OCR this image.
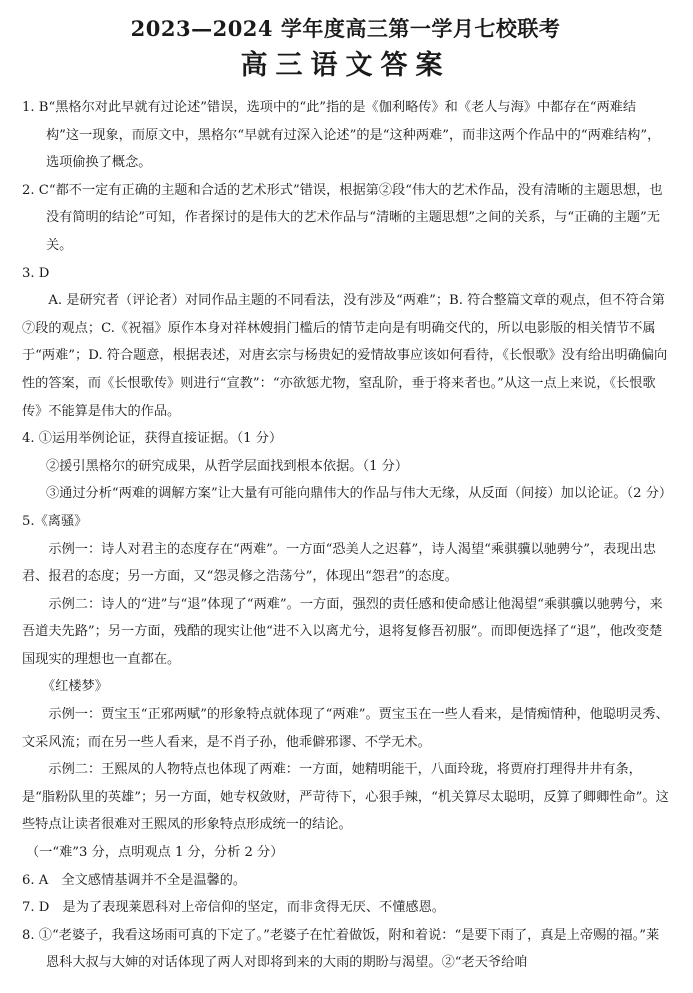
2023—2024 学年度高三第一学月七校联考
高三语文答案

1. B“黑格尔对此早就有过论述”错误，选项中的“此”指的是《伽利略传》和《老人与海》中都存在“两难结构”这一现象，而原文中，黑格尔“早就有过深入论述”的是“这种两难”，而非这两个作品中的“两难结构”，选项偷换了概念。

2. C“都不一定有正确的主题和合适的艺术形式”错误，根据第②段“伟大的艺术作品，没有清晰的主题思想，也没有简明的结论”可知，作者探讨的是伟大的艺术作品与“清晰的主题思想”之间的关系，与“正确的主题”无关。

3. D

A. 是研究者（评论者）对同作品主题的不同看法，没有涉及“两难”；B. 符合整篇文章的观点，但不符合第⑦段的观点；C.《祝福》原作本身对祥林嫂捐门槛后的情节走向是有明确交代的，所以电影版的相关情节不属于“两难”；D. 符合题意，根据表述，对唐玄宗与杨贵妃的爱情故事应该如何看待，《长恨歌》没有给出明确偏向性的答案，而《长恨歌传》则进行“宣教”：“亦欲惩尤物，窒乱阶，垂于将来者也。”从这一点上来说，《长恨歌传》不能算是伟大的作品。

4. ①运用举例论证，获得直接证据。（1 分）

②援引黑格尔的研究成果，从哲学层面找到根本依据。（1 分）

③通过分析“两难的调解方案”让大量有可能向鼎伟大的作品与伟大无缘，从反面（间接）加以论证。（2 分）

5.《离骚》

示例一：诗人对君主的态度存在“两难”。一方面“恐美人之迟暮”，诗人渴望“乘骐骥以驰骋兮”，表现出忠君、报君的态度；另一方面，又“怨灵修之浩荡兮”，体现出“怨君”的态度。

示例二：诗人的“进”与“退”体现了“两难”。一方面，强烈的责任感和使命感让他渴望“乘骐骥以驰骋兮，来吾道夫先路”；另一方面，残酷的现实让他“进不入以离尤兮，退将复修吾初服”。而即便选择了“退”，他改变楚国现实的理想也一直都在。

《红楼梦》

示例一：贾宝玉“正邪两赋”的形象特点就体现了“两难”。贾宝玉在一些人看来，是情痴情种，他聪明灵秀、文采风流；而在另一些人看来，是不肖子孙，他乖僻邪谬、不学无术。

示例二：王熙凤的人物特点也体现了两难：一方面，她精明能干，八面玲珑，将贾府打理得井井有条，是“脂粉队里的英雄”；另一方面，她专权敛财，严苛待下，心狠手辣，“机关算尽太聪明，反算了卿卿性命”。这些特点让读者很难对王熙凤的形象特点形成统一的结论。

（一“难”3 分，点明观点 1 分，分析 2 分）

6. A　全文感情基调并不全是温馨的。

7. D　是为了表现莱恩科对上帝信仰的坚定，而非贪得无厌、不懂感恩。

8. ①“老婆子，我看这场雨可真的下定了。”老婆子在忙着做饭，附和着说：“是要下雨了，真是上帝赐的福。”莱恩科大叔与大婶的对话体现了两人对即将到来的大雨的期盼与渴望。②“老天爷给咱
